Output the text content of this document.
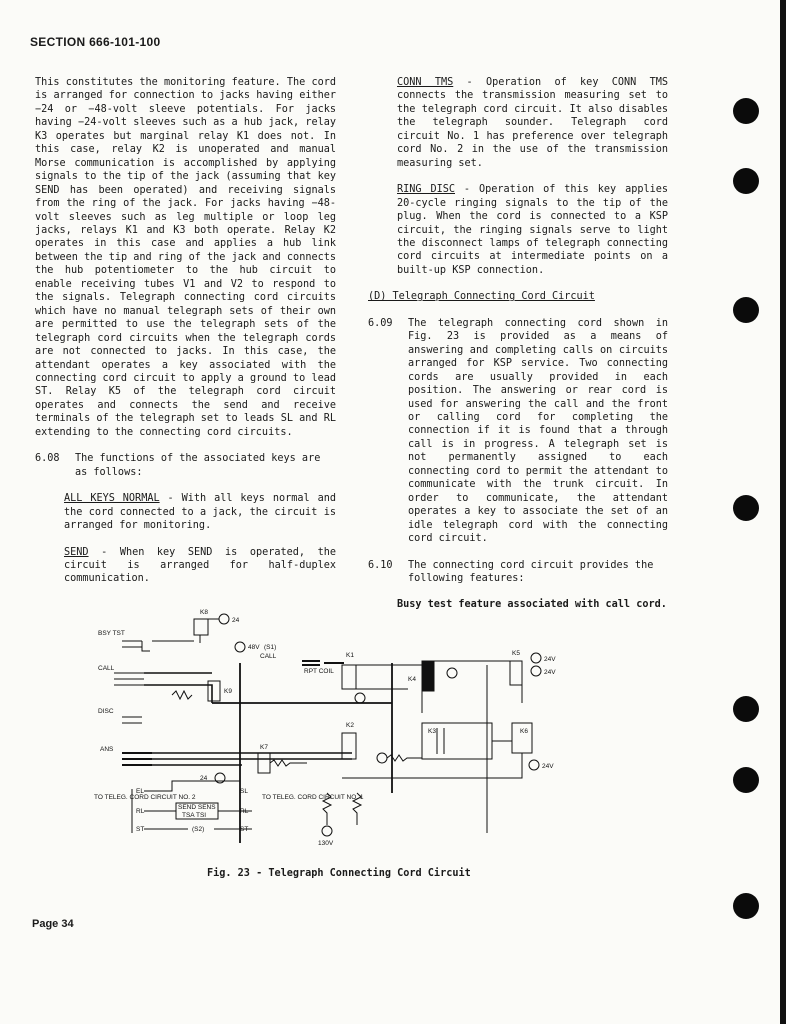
SECTION 666-101-100

This constitutes the monitoring feature. The cord is arranged for connection to jacks having either −24 or −48-volt sleeve potentials. For jacks having −24-volt sleeves such as a hub jack, relay K3 operates but marginal relay K1 does not. In this case, relay K2 is unoperated and manual Morse communication is accomplished by applying signals to the tip of the jack (assuming that key SEND has been operated) and receiving signals from the ring of the jack. For jacks having −48-volt sleeves such as leg multiple or loop leg jacks, relays K1 and K3 both operate. Relay K2 operates in this case and applies a hub link between the tip and ring of the jack and connects the hub potentiometer to the hub circuit to enable receiving tubes V1 and V2 to respond to the signals. Telegraph connecting cord circuits which have no manual telegraph sets of their own are permitted to use the telegraph sets of the telegraph cord circuits when the telegraph cords are not connected to jacks. In this case, the attendant operates a key associated with the connecting cord circuit to apply a ground to lead ST. Relay K5 of the telegraph cord circuit operates and connects the send and receive terminals of the telegraph set to leads SL and RL extending to the connecting cord circuits.

6.08	The functions of the associated keys are as follows:

ALL KEYS NORMAL - With all keys normal and the cord connected to a jack, the circuit is arranged for monitoring.

SEND - When key SEND is operated, the circuit is arranged for half-duplex communication.

CONN TMS - Operation of key CONN TMS connects the transmission measuring set to the telegraph cord circuit. It also disables the telegraph sounder. Telegraph cord circuit No. 1 has preference over telegraph cord No. 2 in the use of the transmission measuring set.

RING DISC - Operation of this key applies 20-cycle ringing signals to the tip of the plug. When the cord is connected to a KSP circuit, the ringing signals serve to light the disconnect lamps of telegraph connecting cord circuits at intermediate points on a built-up KSP connection.

(D) Telegraph Connecting Cord Circuit

6.09	The telegraph connecting cord shown in Fig. 23 is provided as a means of answering and completing calls on circuits arranged for KSP service. Two connecting cords are usually provided in each position. The answering or rear cord is used for answering the call and the front or calling cord for completing the connection if it is found that a through call is in progress. A telegraph set is not permanently assigned to each connecting cord to permit the attendant to communicate with the trunk circuit. In order to communicate, the attendant operates a key to associate the set of an idle telegraph cord with the connecting cord circuit.
6.10	The connecting cord circuit provides the following features:

Busy test feature associated with call cord.

BSY TST
CALL
DISC
ANS
K8
24
48V (S1)
CALL
RPT COIL
K9
K1
K4
K5
24V
24V
K2
K3	K6
24V
K7
24
TO TELEG. CORD CIRCUIT NO. 2	TO TELEG. CORD CIRCUIT NO. 1
EL
RL
ST
SL
RL
ST
SEND SENS
TSA TSI
(S2)
130V
Fig. 23 - Telegraph Connecting Cord Circuit
Page 34
